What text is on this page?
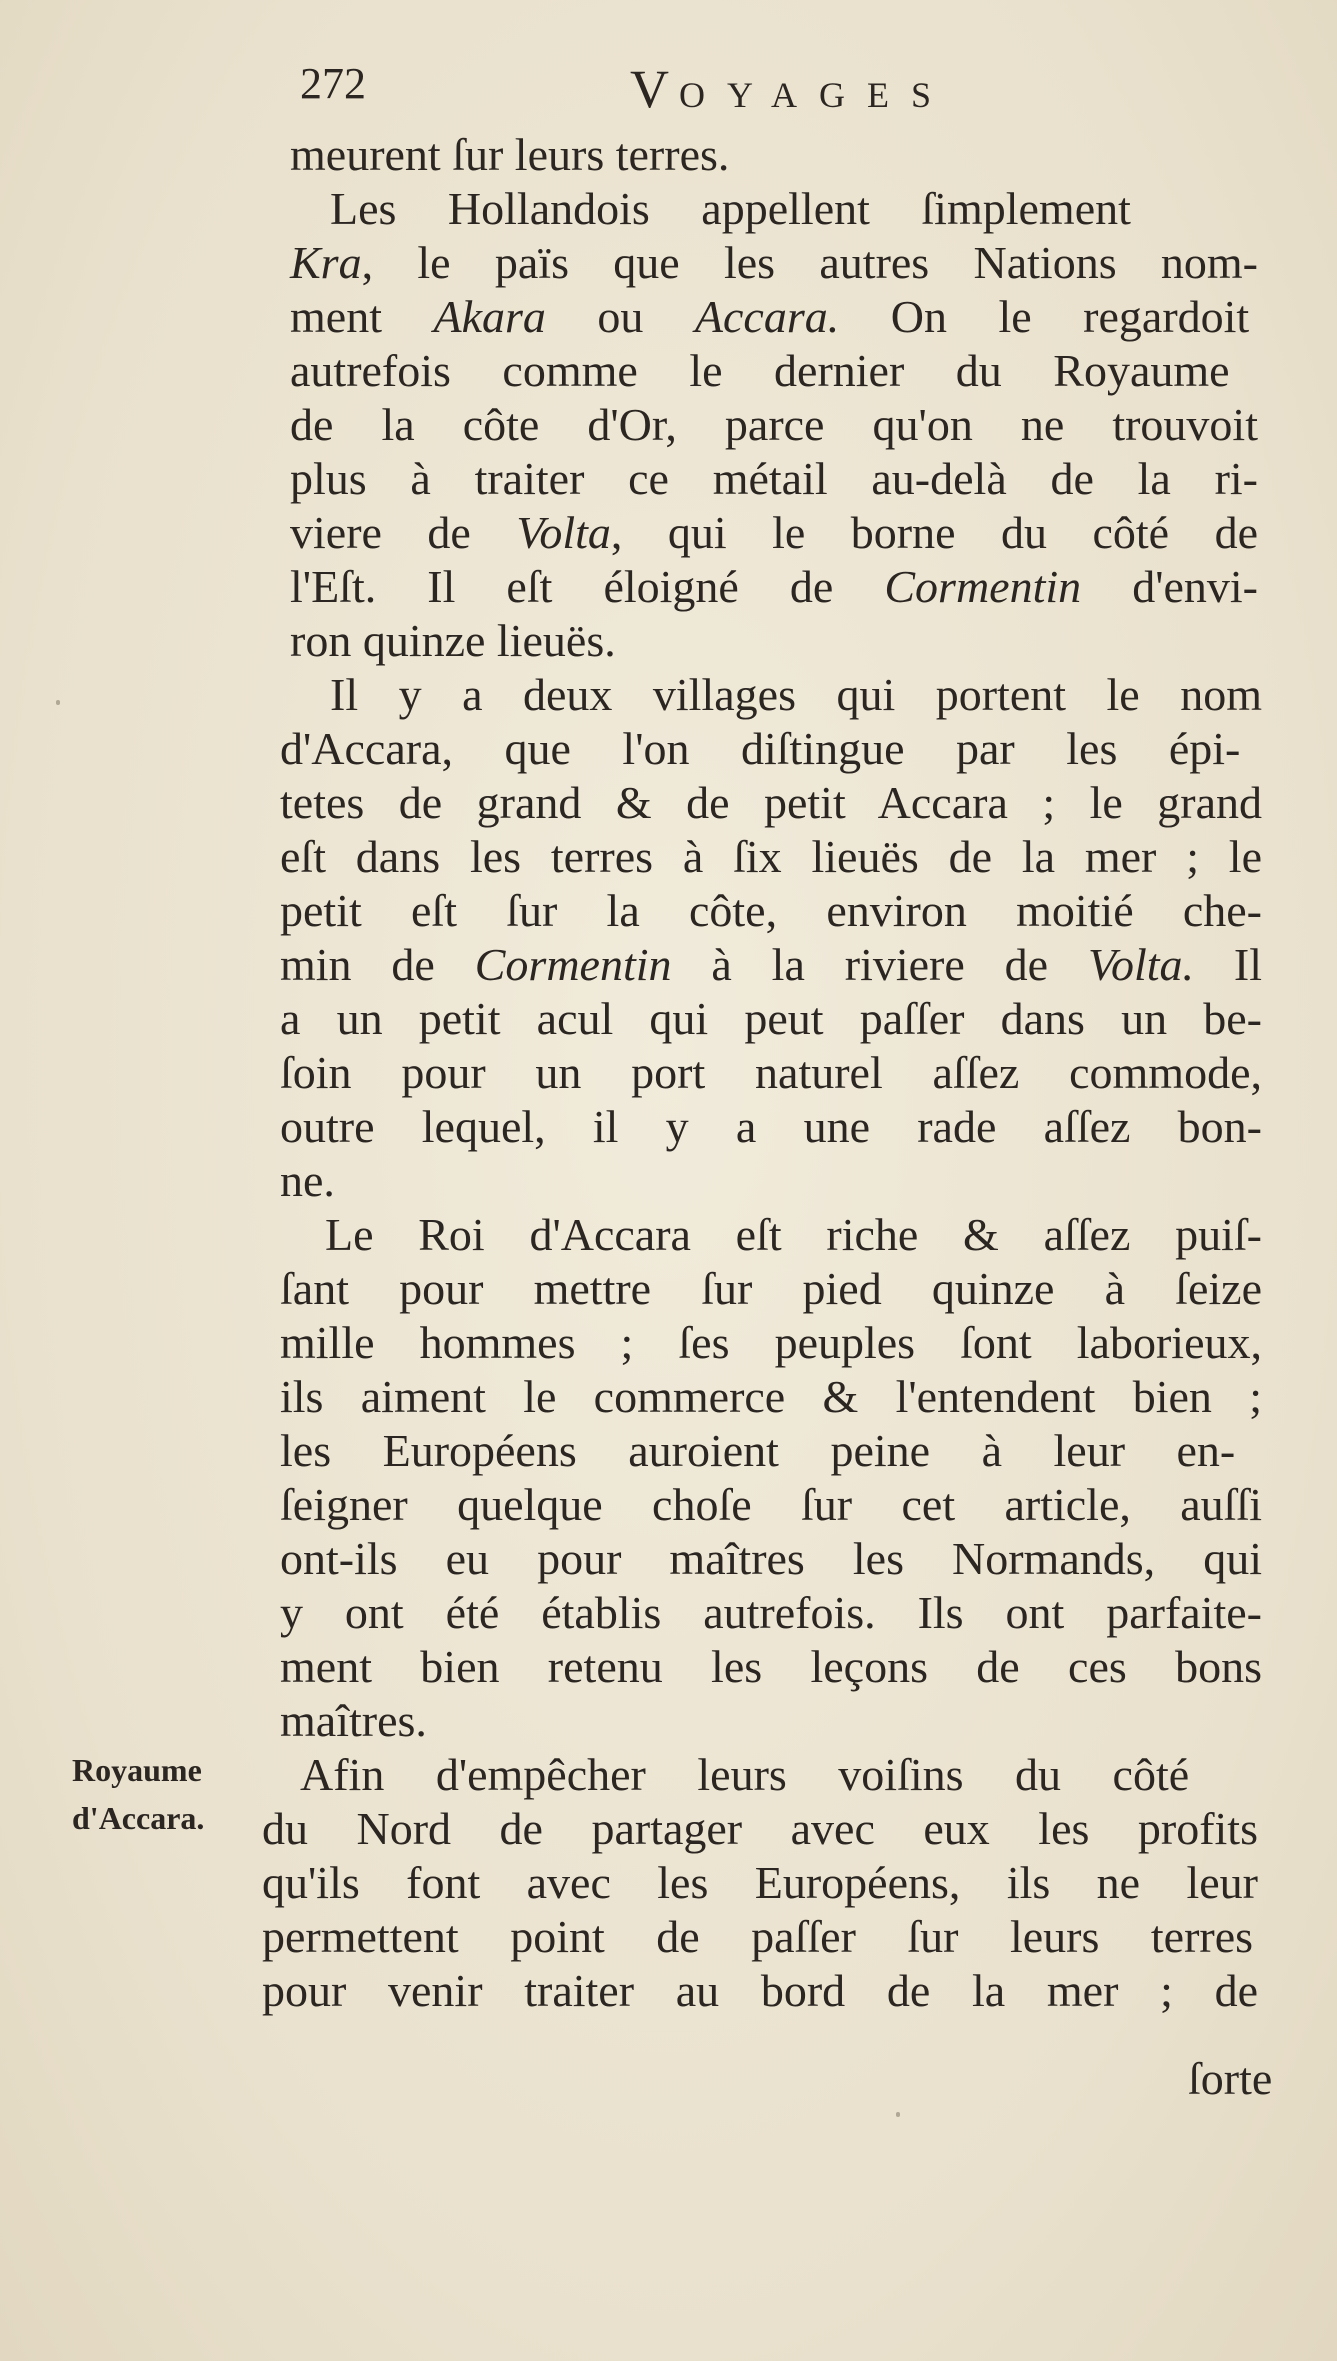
272	VOYAGES
meurent ſur leurs terres.
Les Hollandois appellent ſimplement
Kra, le païs que les autres Nations nom-
ment Akara ou Accara. On le regardoit
autrefois comme le dernier du Royaume
de la côte d'Or, parce qu'on ne trouvoit
plus à traiter ce métail au-delà de la ri-
viere de Volta, qui le borne du côté de
l'Eſt. Il eſt éloigné de Cormentin d'envi-
ron quinze lieuës.
Il y a deux villages qui portent le nom
d'Accara, que l'on diſtingue par les épi-
tetes de grand & de petit Accara ; le grand
eſt dans les terres à ſix lieuës de la mer ; le
petit eſt ſur la côte, environ moitié che-
min de Cormentin à la riviere de Volta. Il
a un petit acul qui peut paſſer dans un be-
ſoin pour un port naturel aſſez commode,
outre lequel, il y a une rade aſſez bon-
ne.
Le Roi d'Accara eſt riche & aſſez puiſ-
ſant pour mettre ſur pied quinze à ſeize
mille hommes ; ſes peuples ſont laborieux,
ils aiment le commerce & l'entendent bien ;
les Européens auroient peine à leur en-
ſeigner quelque choſe ſur cet article, auſſi
ont-ils eu pour maîtres les Normands, qui
y ont été établis autrefois. Ils ont parfaite-
ment bien retenu les leçons de ces bons
maîtres.
Afin d'empêcher leurs voiſins du côté
du Nord de partager avec eux les profits
qu'ils font avec les Européens, ils ne leur
permettent point de paſſer ſur leurs terres
pour venir traiter au bord de la mer ; de
Royaume
d'Accara.
ſorte
